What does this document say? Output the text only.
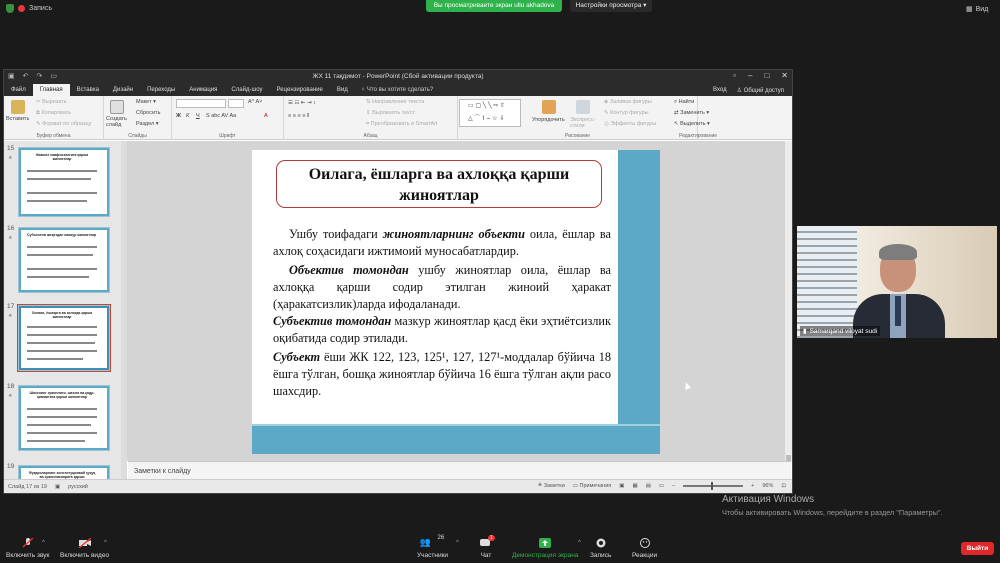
Запись	Вы просматриваете экран ullu akhadova	Настройки просмотра ▾
▦ Вид
▣ ↶ ↷ ▭	ЖХ 11 тақдимот - PowerPoint (Сбой активации продукта)	▫ – □ ✕
Файл	Главная	Вставка	Дизайн	Переходы	Анимация	Слайд-шоу	Рецензирование	Вид	♀ Что вы хотите сделать?	Вход ♙ Общий доступ
Вставить
✂ Вырезать
⧉ Копировать
✎ Формат по образцу
Буфер обмена
Создать слайд
Макет ▾
Сбросить
Раздел ▾
Слайды
A^ A˅
Ж К Ч S abc AV Aa	A
Шрифт
☰ ☷ ⇤ ⇥ ↕	⇅ Направление текста
⇕ Выровнять текст
⌗ Преобразовать в SmartArt
≡ ≡ ≡ ≡ ‖
Абзац
▭ ▢ ╲ ╲ ⇨ ⇧
△ ⌒ ⌇ ⌢ ☆ ⇩	Упорядочить Экспресс-стили
◈ Заливка фигуры
✎ Контур фигуры
◎ Эффекты фигуры
Рисование
⌕ Найти
⇄ Заменить ▾
↖ Выделить ▾
Редактирование
15
★	Жамоат хавфсизлигига қарши жиноятлар
16
★	Субъектив жиҳатдан мазкур жиноятлар
17
★	Оилага, ёшларга ва ахлоққа қарши жиноятлар
18
★	Шахснинг эркинлиги, шаъни ва қадр-қимматига қарши жиноятлар
19
Фуқароларнинг конституциявий ҳуқуқ ва эркинликларига қарши
Заметки к слайду
Слайд 17 из 19 ▣ русский	≜ Заметки ▭ Примечания ▣ ▦ ▤ ▭ –	+ 96% ⊡
Оилага, ёшларга ва ахлоққа қарши жиноятлар
Ушбу тоифадаги жиноятларнинг объекти оила, ёшлар ва ахлоқ соҳасидаги ижтимоий муносабатлардир.
Объектив томондан ушбу жиноятлар оила, ёшлар ва ахлоққа қарши содир этилган жиноий ҳаракат (ҳаракатсизлик)ларда ифодаланади.
Субъектив томондан мазкур жиноятлар қасд ёки эҳтиётсизлик оқибатида содир этилади.
Субъект ёши ЖК 122, 123, 125¹, 127, 127¹-моддалар бўйича 18 ёшга тўлган, бошқа жиноятлар бўйича 16 ёшга тўлган ақли расо шахсдир.
▮ Samarqand viloyat sudi
Активация Windows
Чтобы активировать Windows, перейдите в раздел "Параметры".
Включить звук
^
Включить видео
^	👥 26
Участники
^
1
Чат	Демонстрация экрана
^
Запись	Реакции
Выйти
